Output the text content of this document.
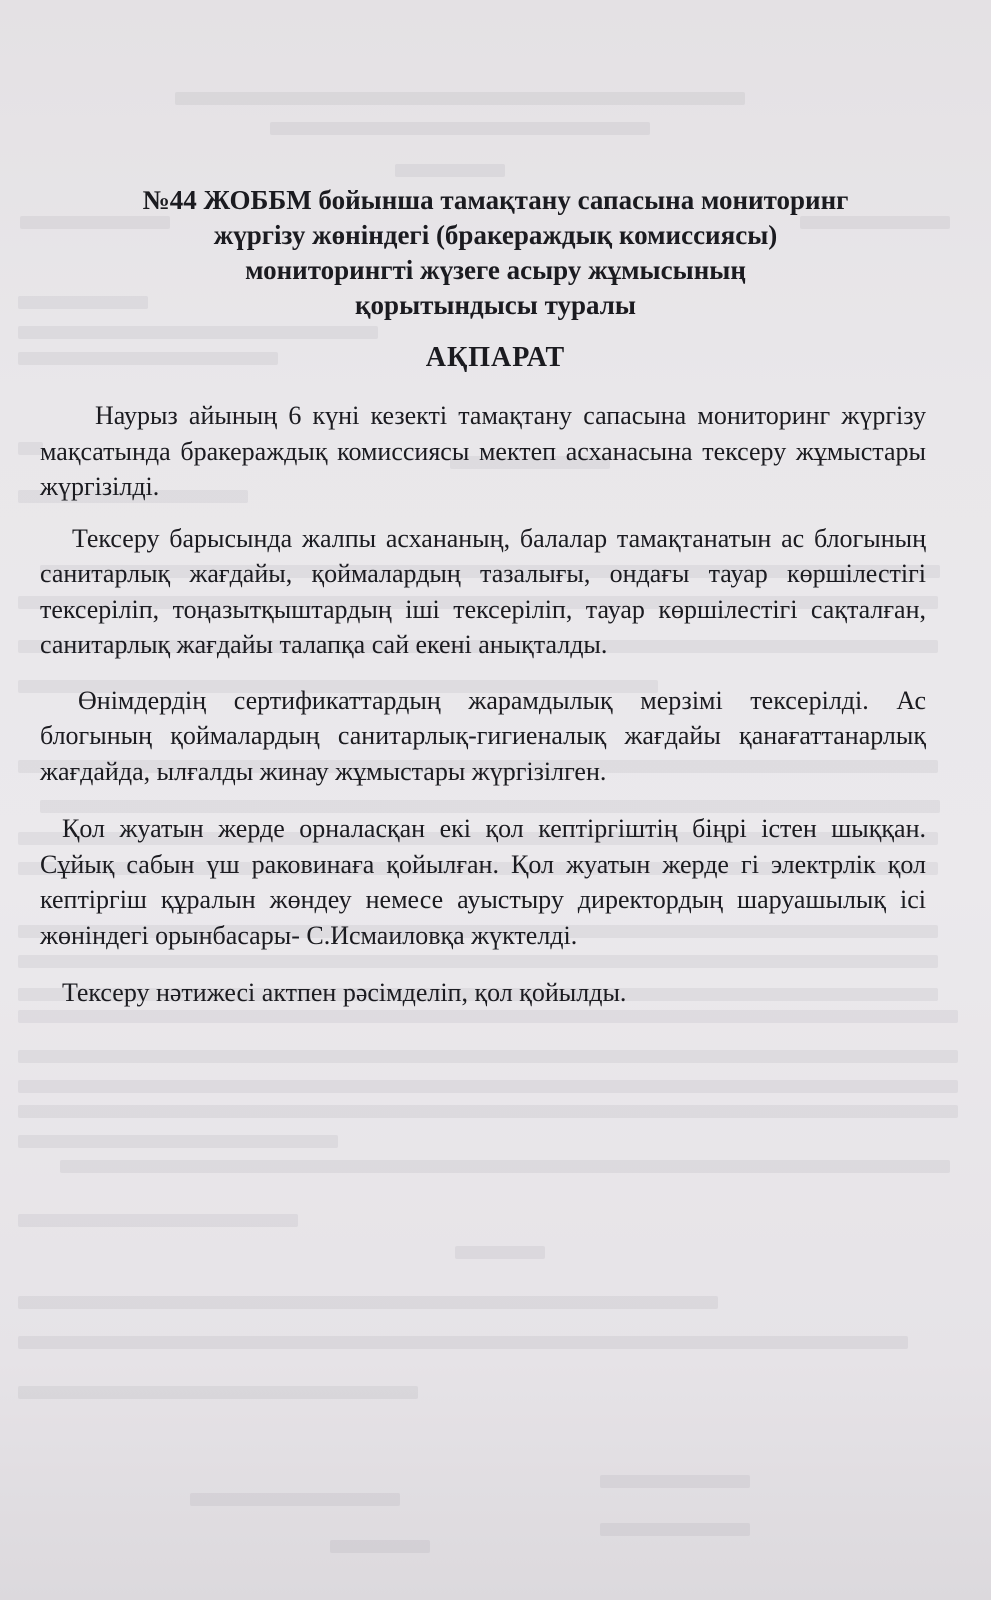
№44 ЖОББМ бойынша тамақтану сапасына мониторинг
жүргізу жөніндегі (бракераждық комиссиясы)
мониторингті жүзеге асыру жұмысының
қорытындысы туралы
АҚПАРАТ

Наурыз айының 6 күні кезекті тамақтану сапасына мониторинг жүргізу мақсатында бракераждық комиссиясы мектеп асханасына тексеру жұмыстары жүргізілді.

Тексеру барысында жалпы асхананың, балалар тамақтанатын ас блогының санитарлық жағдайы, қоймалардың тазалығы, ондағы тауар көршілестігі тексеріліп, тоңазытқыштардың іші тексеріліп, тауар көршілестігі сақталған, санитарлық жағдайы талапқа сай екені анықталды.

Өнімдердің сертификаттардың жарамдылық мерзімі тексерілді. Ас блогының қоймалардың санитарлық-гигиеналық жағдайы қанағаттанарлық жағдайда, ылғалды жинау жұмыстары жүргізілген.

Қол жуатын жерде орналасқан екі қол кептіргіштің біңрі істен шыққан. Сұйық сабын үш раковинаға қойылған. Қол жуатын жерде гі электрлік қол кептіргіш құралын жөндеу немесе ауыстыру директордың шаруашылық ісі жөніндегі орынбасары- С.Исмаиловқа жүктелді.

Тексеру нәтижесі актпен рәсімделіп, қол қойылды.
